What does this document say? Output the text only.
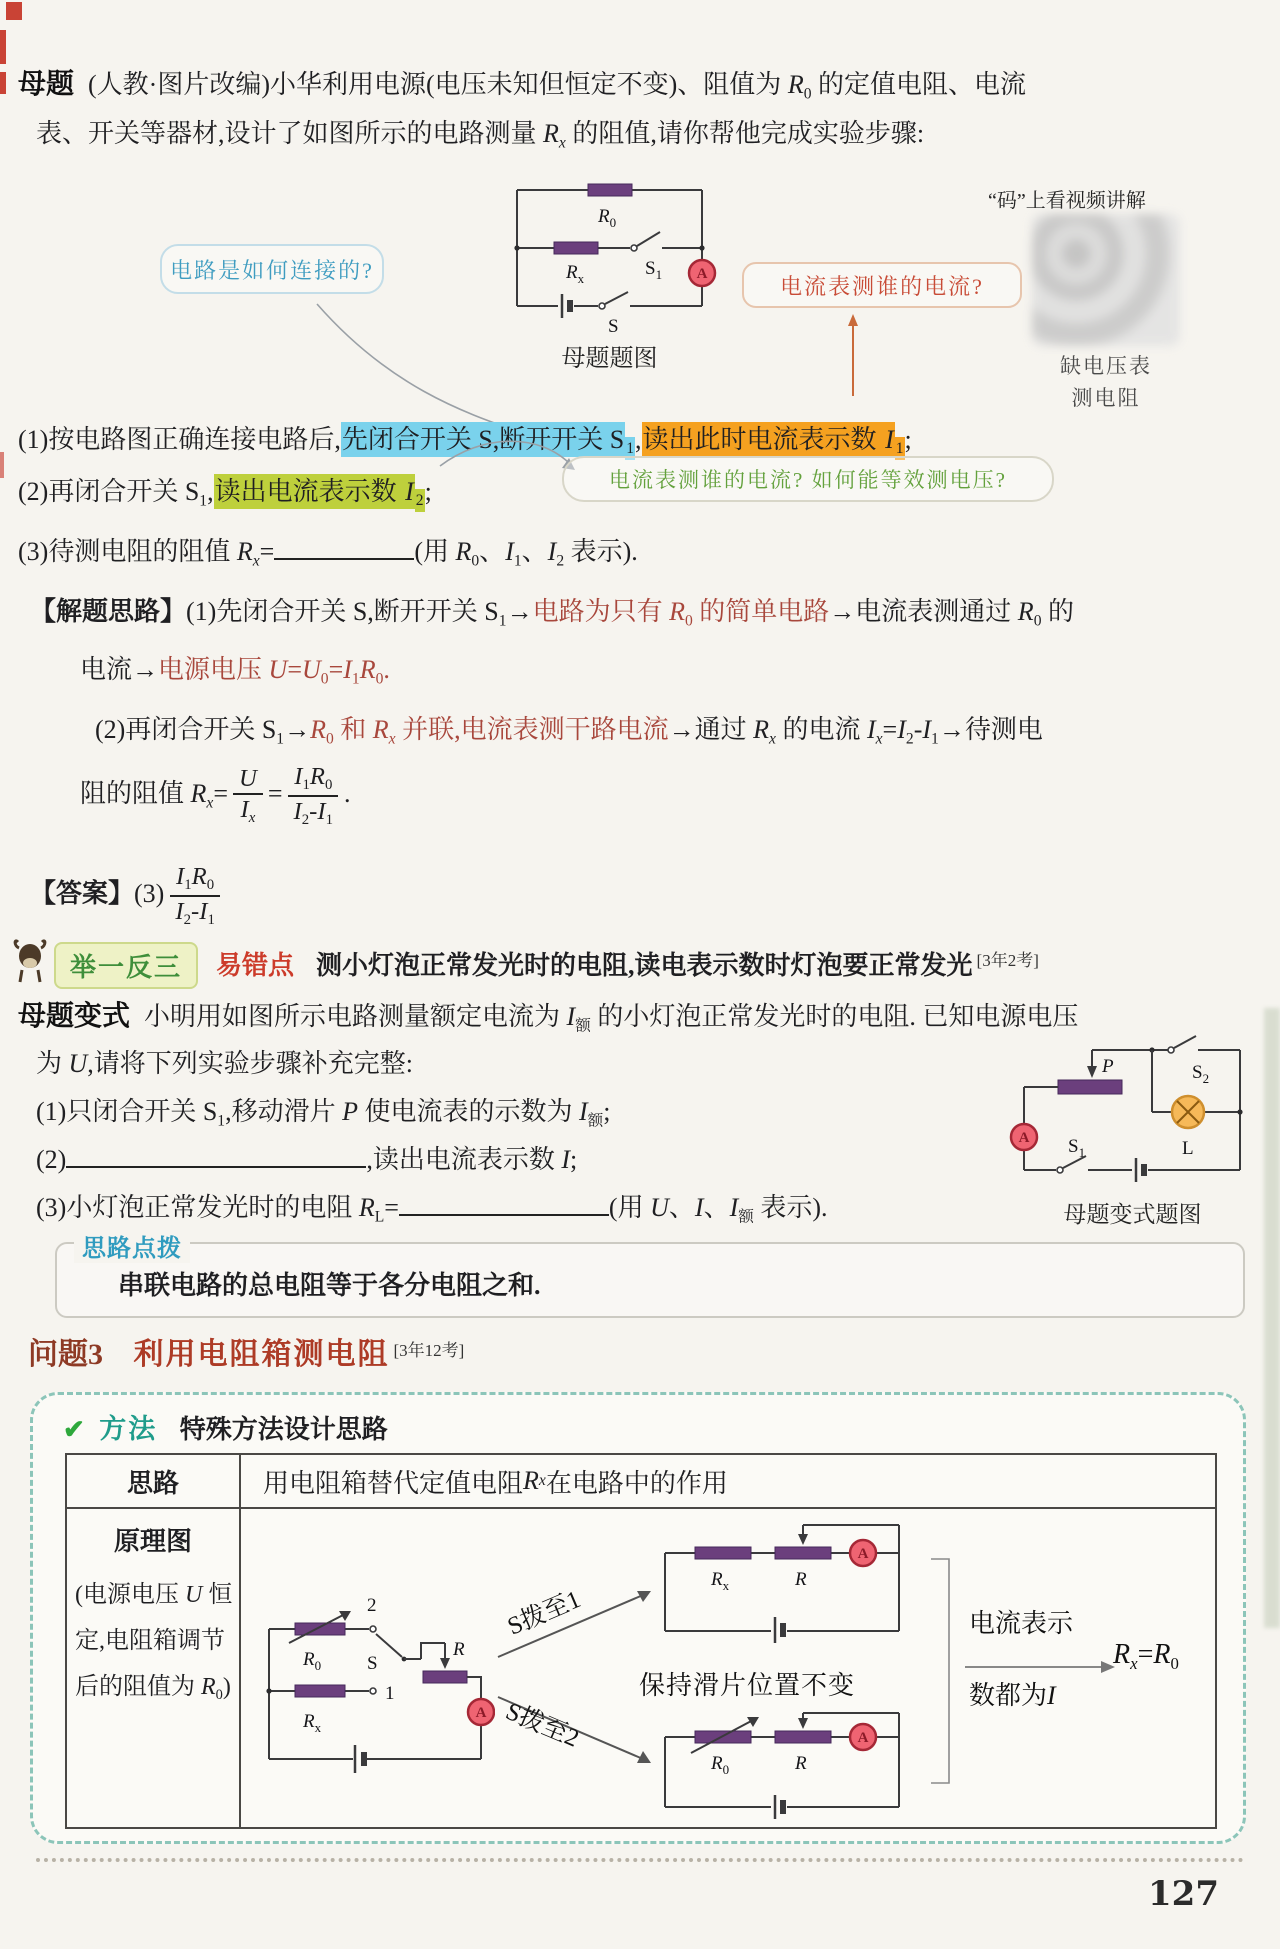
母题 (人教·图片改编)小华利用电源(电压未知但恒定不变)、阻值为 $R_0$ 的定值电阻、电流
表、开关等器材,设计了如图所示的电路测量 $R_x$ 的阻值,请你帮他完成实验步骤:
“码”上看视频讲解
缺电压表
测电阻
$R_0$
$R_x$	$S_1$ A
S
母题题图
电路是如何连接的?
电流表测谁的电流?
(1)按电路图正确连接电路后,先闭合开关 S,断开开关 S $_1$,读出此时电流表示数 I $_1$;
(2)再闭合开关 $S_1$,读出电流表示数 I $_2$;	电流表测谁的电流? 如何能等效测电压?
(3)待测电阻的阻值 $R_x=$	(用 $R_0$、$I_1$、$I_2$ 表示).
【解题思路】(1)先闭合开关 S,断开开关 $S_1\to$电路为只有 $R_0$ 的简单电路→电流表测通过 $R_0$ 的
电流→电源电压 $U=U_0=I_1R_0$.
(2)再闭合开关 $S_1\to R_0$ 和 $R_x$ 并联,电流表测干路电流→通过 $R_x$ 的电流 $I_x=I_2-I_1\to$待测电
阻的阻值 $R_x= \frac{U}{I_x} = \frac{I_1R_0}{I_2-I_1}$ .
【答案】$(3) \frac{I_1R_0}{I_2-I_1}$
举一反三	易错点 测小灯泡正常发光时的电阻,读电表示数时灯泡要正常发光 [3年2考]
母题变式 小明用如图所示电路测量额定电流为 $I_额$ 的小灯泡正常发光时的电阻. 已知电源电压
为 U,请将下列实验步骤补充完整:
(1)只闭合开关 $S_1$,移动滑片 P 使电流表的示数为 $I_额$;
(2)	,读出电流表示数 I;
(3)小灯泡正常发光时的电阻 $R_L=$	(用 U、I、$I_额$ 表示).
P	$S_2$
L
A $S_1$
母题变式题图
思路点拨
串联电路的总电阻等于各分电阻之和.
问题3 利用电阻箱测电阻 [3年12考]
✔ 方法 特殊方法设计思路
思路	用电阻箱替代定值电阻 R x 在电路中的作用
原理图
(电源电压 U 恒
定,电阻箱调节
后的阻值为 $R_0$)
2
$R_0$
1
$R_x$
S
R
A
S拨至1
S拨至2
A
$R_x$	R
保持滑片位置不变
A
$R_0$	R
电流表示
数都为I
$R_x=R_0$
127
